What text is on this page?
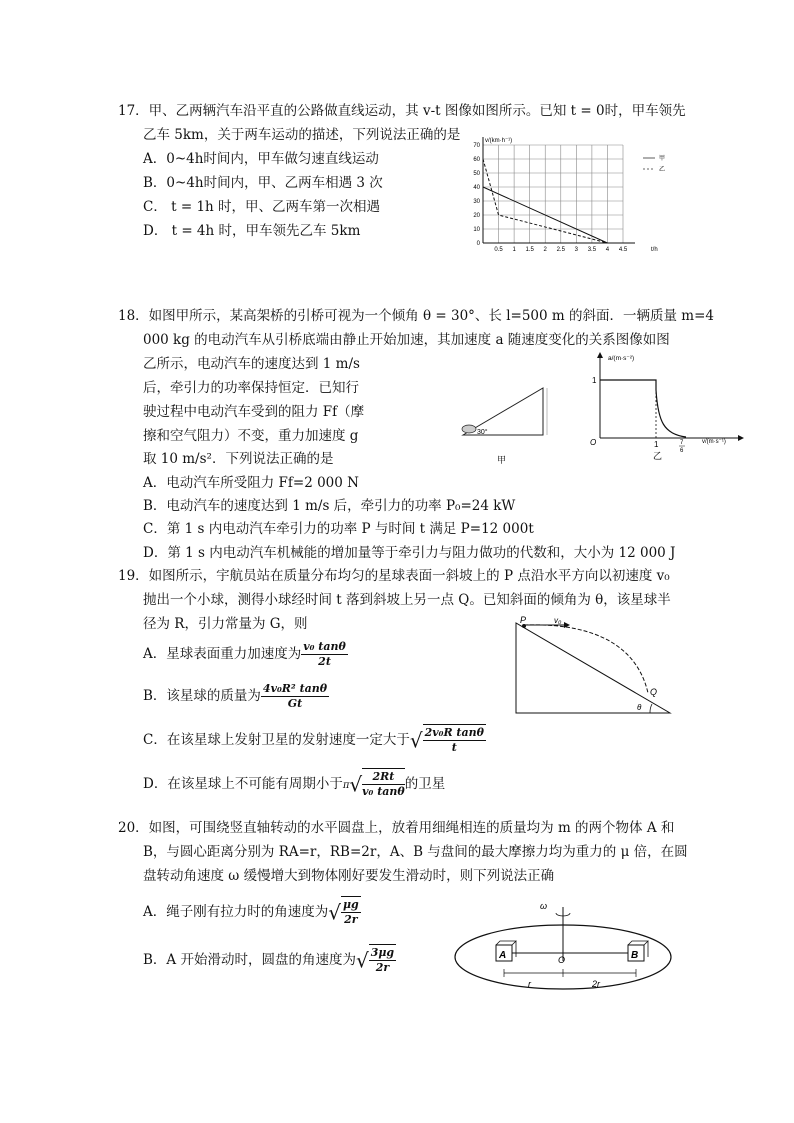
17．甲、乙两辆汽车沿平直的公路做直线运动，其 v-t 图像如图所示。已知 t = 0时，甲车领先
乙车 5km，关于两车运动的描述，下列说法正确的是
A．0~4h时间内，甲车做匀速直线运动
B．0~4h时间内，甲、乙两车相遇 3 次
C． t = 1h 时，甲、乙两车第一次相遇
D． t = 4h 时，甲车领先乙车 5km
0
10
20
30
40
50
60
70
0.5 1 1.5 2 2.5 3 3.5 4 4.5
v/(km·h⁻¹)
t/h
甲
乙
18．如图甲所示，某高架桥的引桥可视为一个倾角 θ = 30°、长 l=500 m 的斜面．一辆质量 m=4
000 kg 的电动汽车从引桥底端由静止开始加速，其加速度 a 随速度变化的关系图像如图
乙所示，电动汽车的速度达到 1 m/s
后，牵引力的功率保持恒定．已知行
驶过程中电动汽车受到的阻力 Ff（摩
擦和空气阻力）不变，重力加速度 g
取 10 m/s²．下列说法正确的是
30°
甲
a/(m·s⁻²)
v/(m·s⁻¹)
1
O	1	7
6
乙
A．电动汽车所受阻力 Ff=2 000 N
B．电动汽车的速度达到 1 m/s 后，牵引力的功率 P₀=24 kW
C．第 1 s 内电动汽车牵引力的功率 P 与时间 t 满足 P=12 000t
D．第 1 s 内电动汽车机械能的增加量等于牵引力与阻力做功的代数和，大小为 12 000 J
19．如图所示，宇航员站在质量分布均匀的星球表面一斜坡上的 P 点沿水平方向以初速度 v₀
抛出一个小球，测得小球经时间 t 落到斜坡上另一点 Q。已知斜面的倾角为 θ，该星球半
径为 R，引力常量为 G，则
A．星球表面重力加速度为 $\frac{\text{v₀ tanθ}}{2t}$
B．该星球的质量为 $\frac{\text{4v₀R² tanθ}}{Gt}$
C．在该星球上发射卫星的发射速度一定大于√ $\frac{\text{2v₀R tanθ}}{t}$
D．在该星球上不可能有周期小于$\pi√ \frac{2Rt}{\text{v₀ tanθ}}$ 的卫星
P	v₀
Q
θ
20．如图，可围绕竖直轴转动的水平圆盘上，放着用细绳相连的质量均为 m 的两个物体 A 和
B，与圆心距离分别为 RA=r，RB=2r，A、B 与盘间的最大摩擦力均为重力的 μ 倍，在圆
盘转动角速度 ω 缓慢增大到物体刚好要发生滑动时，则下列说法正确
A．绳子刚有拉力时的角速度为√ $\frac{\mu g}{2r}$
B．A 开始滑动时，圆盘的角速度为√ $\frac{3\mu g}{2r}$
ω
A	B
O
r	2r
